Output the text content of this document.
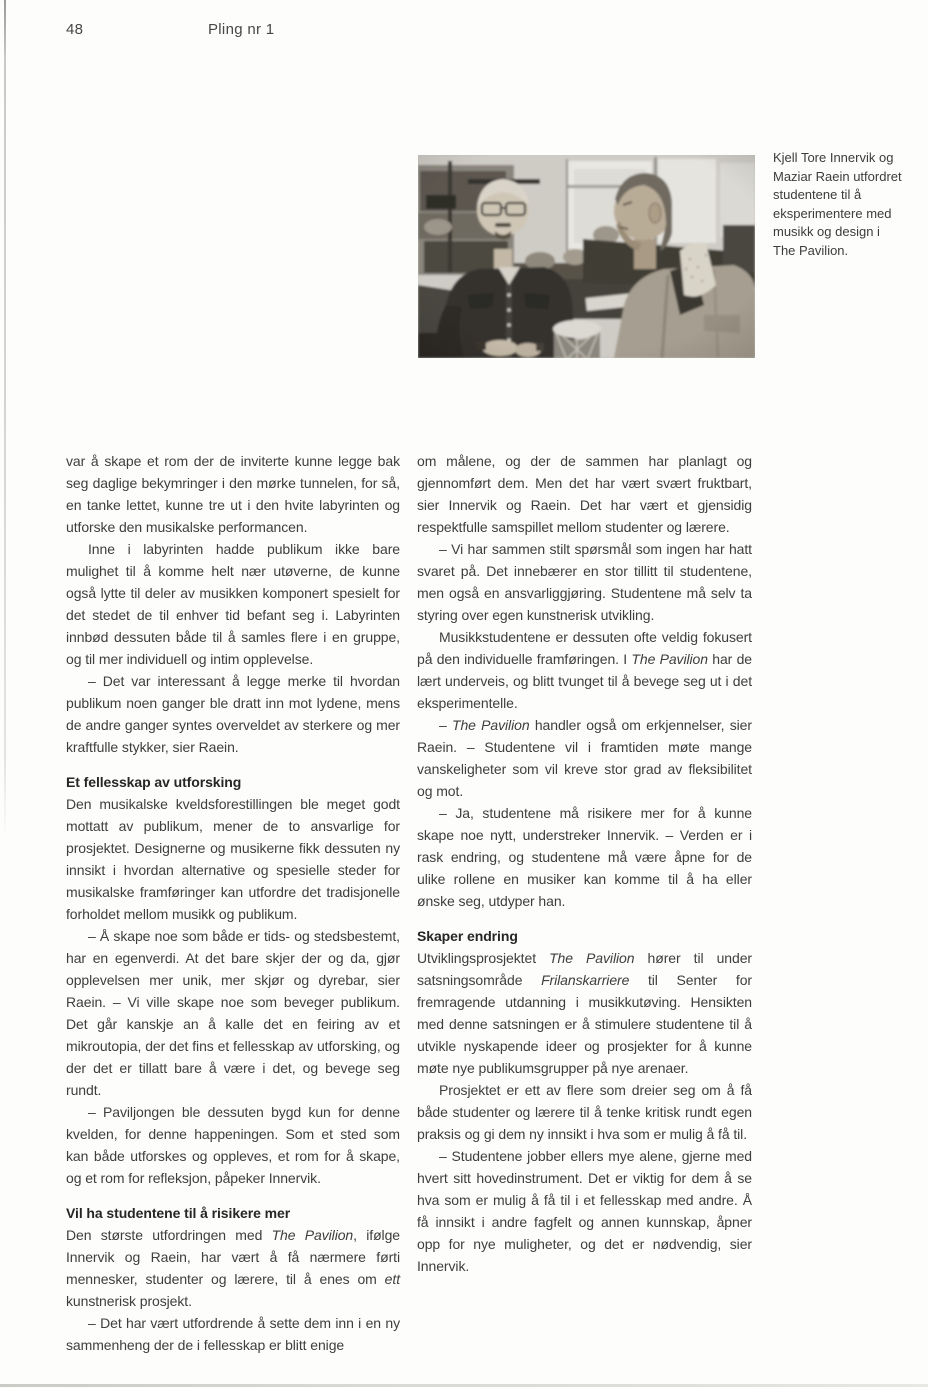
48	Pling nr 1
Kjell Tore Innervik og
Maziar Raein utfordret
studentene til å
eksperimentere med
musikk og design i
The Pavilion.

var å skape et rom der de inviterte kunne legge bak seg daglige bekymringer i den mørke tunnelen, for så, en tanke lettet, kunne tre ut i den hvite labyrinten og utforske den musikalske performancen.

Inne i labyrinten hadde publikum ikke bare mulighet til å komme helt nær utøverne, de kunne også lytte til deler av musikken komponert spesielt for det stedet de til enhver tid befant seg i. Labyrinten innbød dessuten både til å samles flere i en gruppe, og til mer individuell og intim opplevelse.

– Det var interessant å legge merke til hvordan publikum noen ganger ble dratt inn mot lydene, mens de andre ganger syntes overveldet av sterkere og mer kraftfulle stykker, sier Raein.

Et fellesskap av utforsking

Den musikalske kveldsforestillingen ble meget godt mottatt av publikum, mener de to ansvarlige for prosjektet. Designerne og musikerne fikk dessuten ny innsikt i hvordan alternative og spesielle steder for musikalske framføringer kan utfordre det tradisjonelle forholdet mellom musikk og publikum.

– Å skape noe som både er tids- og stedsbestemt, har en egenverdi. At det bare skjer der og da, gjør opplevelsen mer unik, mer skjør og dyrebar, sier Raein. – Vi ville skape noe som beveger publikum. Det går kanskje an å kalle det en feiring av et mikroutopia, der det fins et fellesskap av utforsking, og der det er tillatt bare å være i det, og bevege seg rundt.

– Paviljongen ble dessuten bygd kun for denne kvelden, for denne happeningen. Som et sted som kan både utforskes og oppleves, et rom for å skape, og et rom for refleksjon, påpeker Innervik.

Vil ha studentene til å risikere mer

Den største utfordringen med The Pavilion, ifølge Innervik og Raein, har vært å få nærmere førti mennesker, studenter og lærere, til å enes om ett kunstnerisk prosjekt.

– Det har vært utfordrende å sette dem inn i en ny sammenheng der de i fellesskap er blitt enige

om målene, og der de sammen har planlagt og gjennomført dem. Men det har vært svært fruktbart, sier Innervik og Raein. Det har vært et gjensidig respektfulle samspillet mellom studenter og lærere.

– Vi har sammen stilt spørsmål som ingen har hatt svaret på. Det innebærer en stor tillitt til studentene, men også en ansvarliggjøring. Studentene må selv ta styring over egen kunstnerisk utvikling.

Musikkstudentene er dessuten ofte veldig fokusert på den individuelle framføringen. I The Pavilion har de lært underveis, og blitt tvunget til å bevege seg ut i det eksperimentelle.

– The Pavilion handler også om erkjennelser, sier Raein. – Studentene vil i framtiden møte mange vanskeligheter som vil kreve stor grad av fleksibilitet og mot.

– Ja, studentene må risikere mer for å kunne skape noe nytt, understreker Innervik. – Verden er i rask endring, og studentene må være åpne for de ulike rollene en musiker kan komme til å ha eller ønske seg, utdyper han.

Skaper endring

Utviklingsprosjektet The Pavilion hører til under satsningsområde Frilanskarriere til Senter for fremragende utdanning i musikkutøving. Hensikten med denne satsningen er å stimulere studentene til å utvikle nyskapende ideer og prosjekter for å kunne møte nye publikumsgrupper på nye arenaer.

Prosjektet er ett av flere som dreier seg om å få både studenter og lærere til å tenke kritisk rundt egen praksis og gi dem ny innsikt i hva som er mulig å få til.

– Studentene jobber ellers mye alene, gjerne med hvert sitt hovedinstrument. Det er viktig for dem å se hva som er mulig å få til i et fellesskap med andre. Å få innsikt i andre fagfelt og annen kunnskap, åpner opp for nye muligheter, og det er nødvendig, sier Innervik.
